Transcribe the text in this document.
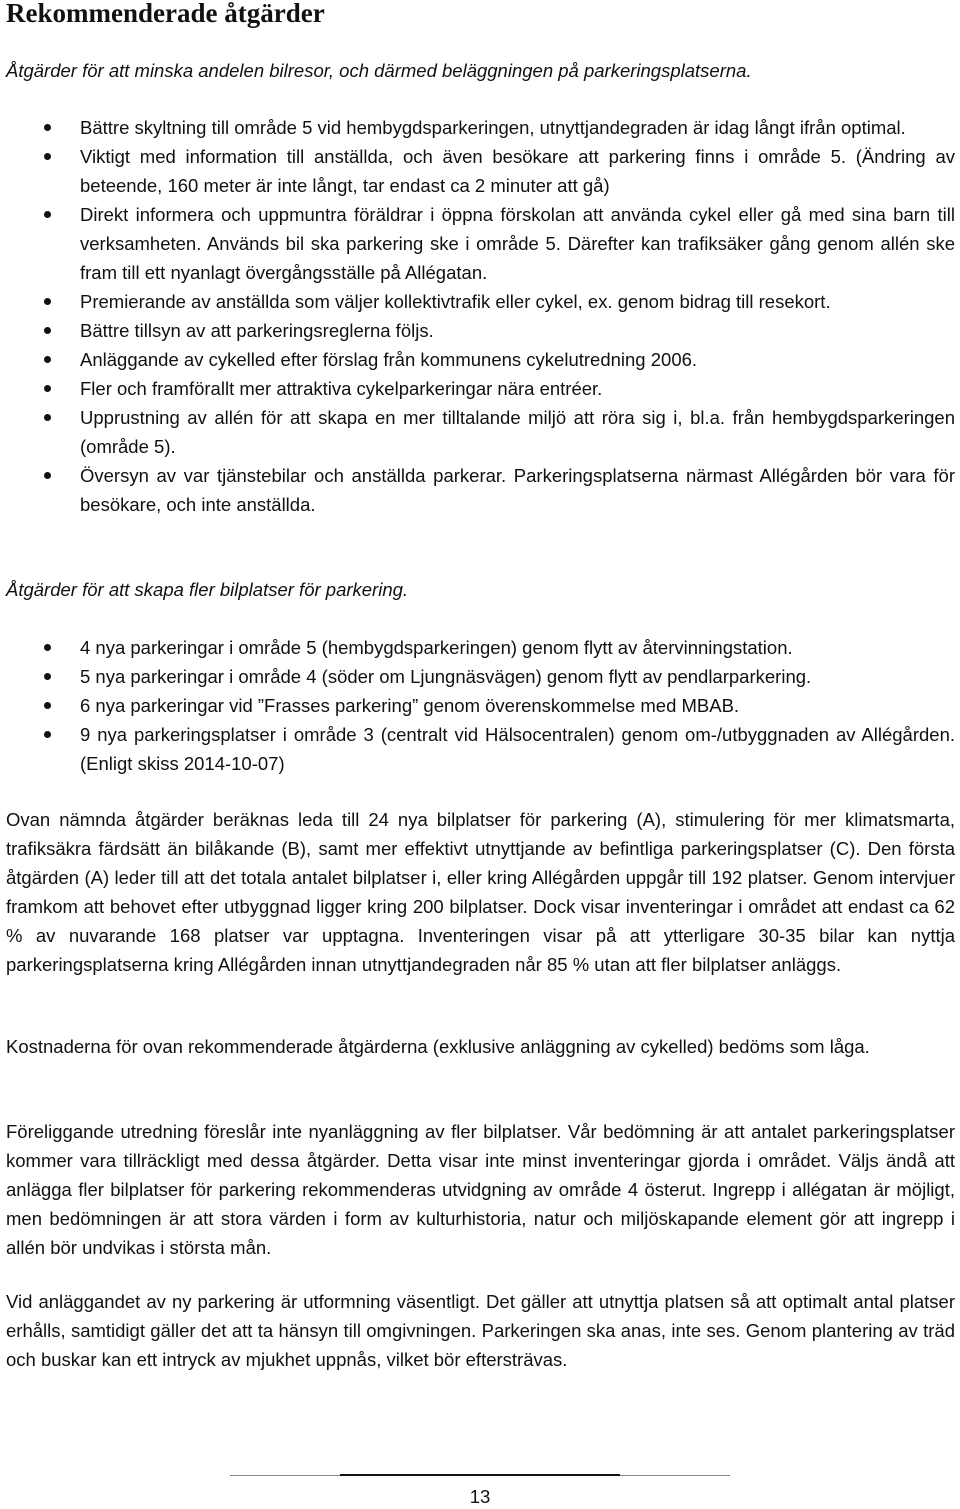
Rekommenderade åtgärder

Åtgärder för att minska andelen bilresor, och därmed beläggningen på parkeringsplatserna.

Bättre skyltning till område 5 vid hembygdsparkeringen, utnyttjandegraden är idag långt ifrån optimal.
Viktigt med information till anställda, och även besökare att parkering finns i område 5. (Ändring av beteende, 160 meter är inte långt, tar endast ca 2 minuter att gå)
Direkt informera och uppmuntra föräldrar i öppna förskolan att använda cykel eller gå med sina barn till verksamheten. Används bil ska parkering ske i område 5. Därefter kan trafiksäker gång genom allén ske fram till ett nyanlagt övergångsställe på Allégatan.
Premierande av anställda som väljer kollektivtrafik eller cykel, ex. genom bidrag till resekort.
Bättre tillsyn av att parkeringsreglerna följs.
Anläggande av cykelled efter förslag från kommunens cykelutredning 2006.
Fler och framförallt mer attraktiva cykelparkeringar nära entréer.
Upprustning av allén för att skapa en mer tilltalande miljö att röra sig i, bl.a. från hembygdsparkeringen (område 5).
Översyn av var tjänstebilar och anställda parkerar. Parkeringsplatserna närmast Allégården bör vara för besökare, och inte anställda.

Åtgärder för att skapa fler bilplatser för parkering.

4 nya parkeringar i område 5 (hembygdsparkeringen) genom flytt av återvinningstation.
5 nya parkeringar i område 4 (söder om Ljungnäsvägen) genom flytt av pendlarparkering.
6 nya parkeringar vid ”Frasses parkering” genom överenskommelse med MBAB.
9 nya parkeringsplatser i område 3 (centralt vid Hälsocentralen) genom om-/utbyggnaden av Allégården. (Enligt skiss 2014-10-07)

Ovan nämnda åtgärder beräknas leda till 24 nya bilplatser för parkering (A), stimulering för mer klimatsmarta, trafiksäkra färdsätt än bilåkande (B), samt mer effektivt utnyttjande av befintliga parkeringsplatser (C). Den första åtgärden (A) leder till att det totala antalet bilplatser i, eller kring Allégården uppgår till 192 platser. Genom intervjuer framkom att behovet efter utbyggnad ligger kring 200 bilplatser. Dock visar inventeringar i området att endast ca 62 % av nuvarande 168 platser var upptagna. Inventeringen visar på att ytterligare 30-35 bilar kan nyttja parkeringsplatserna kring Allégården innan utnyttjandegraden når 85 % utan att fler bilplatser anläggs.

Kostnaderna för ovan rekommenderade åtgärderna (exklusive anläggning av cykelled) bedöms som låga.

Föreliggande utredning föreslår inte nyanläggning av fler bilplatser. Vår bedömning är att antalet parkeringsplatser kommer vara tillräckligt med dessa åtgärder. Detta visar inte minst inventeringar gjorda i området. Väljs ändå att anlägga fler bilplatser för parkering rekommenderas utvidgning av område 4 österut. Ingrepp i allégatan är möjligt, men bedömningen är att stora värden i form av kulturhistoria, natur och miljöskapande element gör att ingrepp i allén bör undvikas i största mån.

Vid anläggandet av ny parkering är utformning väsentligt. Det gäller att utnyttja platsen så att optimalt antal platser erhålls, samtidigt gäller det att ta hänsyn till omgivningen. Parkeringen ska anas, inte ses. Genom plantering av träd och buskar kan ett intryck av mjukhet uppnås, vilket bör eftersträvas.

13
